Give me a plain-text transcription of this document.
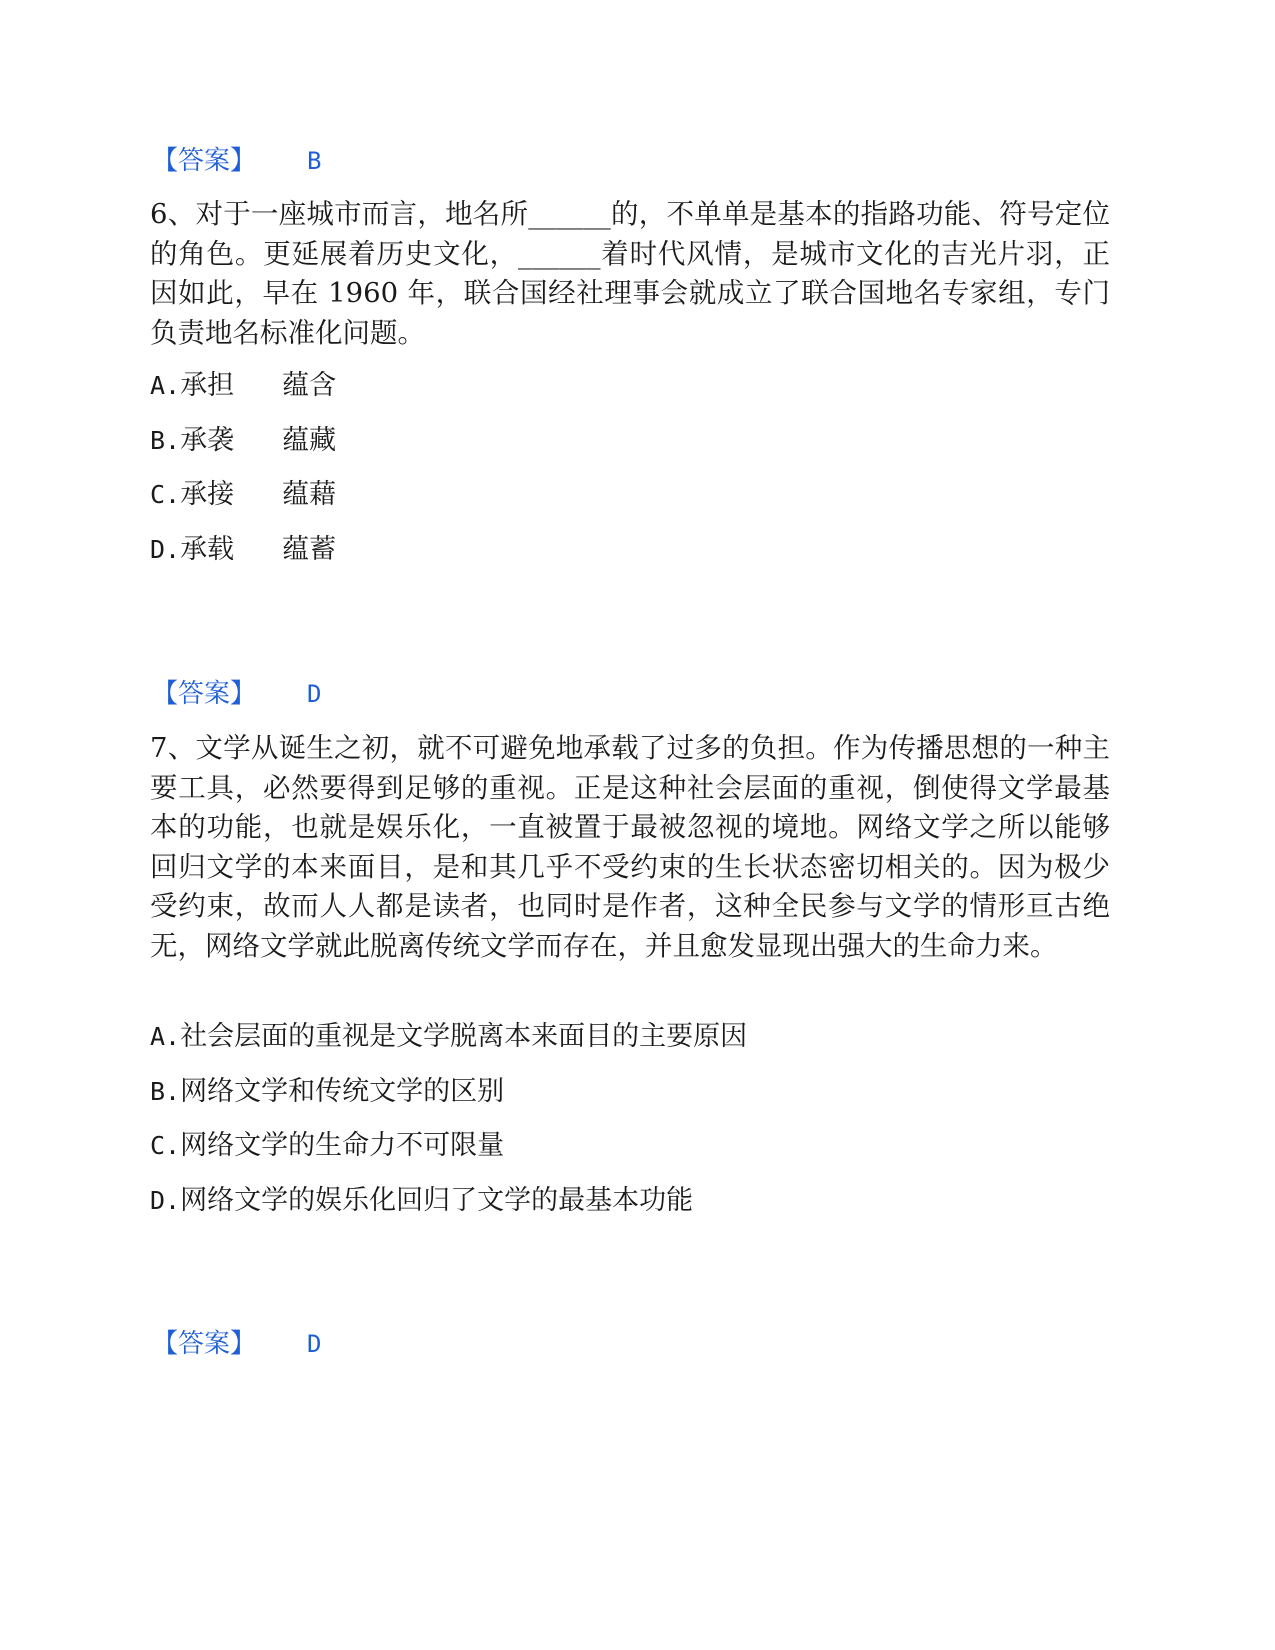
【答案】 B
6、对于一座城市而言，地名所______的，不单单是基本的指路功能、符号定位的角色。更延展着历史文化，______着时代风情，是城市文化的吉光片羽，正因如此，早在 1960 年，联合国经社理事会就成立了联合国地名专家组，专门负责地名标准化问题。
A.承担 蕴含
B.承袭 蕴藏
C.承接 蕴藉
D.承载 蕴蓄
【答案】 D
7、文学从诞生之初，就不可避免地承载了过多的负担。作为传播思想的一种主要工具，必然要得到足够的重视。正是这种社会层面的重视，倒使得文学最基本的功能，也就是娱乐化，一直被置于最被忽视的境地。网络文学之所以能够回归文学的本来面目，是和其几乎不受约束的生长状态密切相关的。因为极少受约束，故而人人都是读者，也同时是作者，这种全民参与文学的情形亘古绝无，网络文学就此脱离传统文学而存在，并且愈发显现出强大的生命力来。
A.社会层面的重视是文学脱离本来面目的主要原因
B.网络文学和传统文学的区别
C.网络文学的生命力不可限量
D.网络文学的娱乐化回归了文学的最基本功能
【答案】 D
